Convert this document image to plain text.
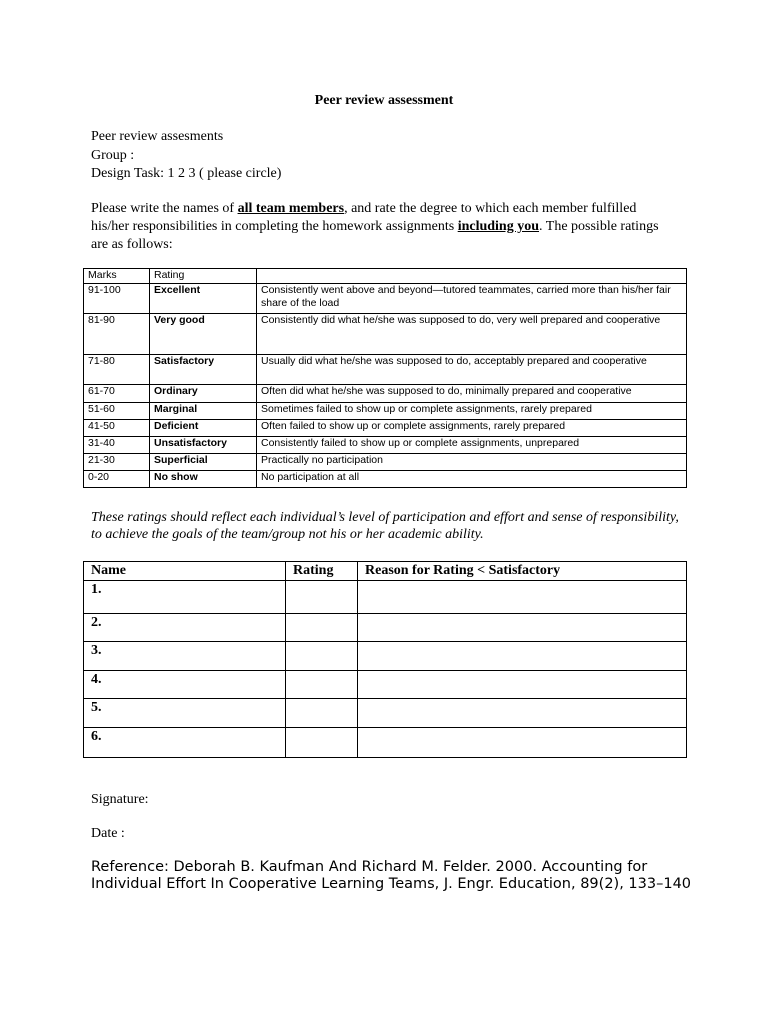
Peer review assessment
Peer review assesments
Group :
Design Task: 1 2 3 ( please circle)
Please write the names of all team members, and rate the degree to which each member fulfilled his/her responsibilities in completing the homework assignments including you. The possible ratings are as follows:
Marks	Rating	
91-100	Excellent	Consistently went above and beyond—tutored teammates, carried more than his/her fair share of the load
81-90	Very good	Consistently did what he/she was supposed to do, very well prepared and cooperative
71-80	Satisfactory	Usually did what he/she was supposed to do, acceptably prepared and cooperative
61-70	Ordinary	Often did what he/she was supposed to do, minimally prepared and cooperative
51-60	Marginal	Sometimes failed to show up or complete assignments, rarely prepared
41-50	Deficient	Often failed to show up or complete assignments, rarely prepared
31-40	Unsatisfactory	Consistently failed to show up or complete assignments, unprepared
21-30	Superficial	Practically no participation
0-20	No show	No participation at all
These ratings should reflect each individual’s level of participation and effort and sense of responsibility, to achieve the goals of the team/group not his or her academic ability.
Name	Rating	Reason for Rating < Satisfactory
1.		
2.		
3.		
4.		
5.		
6.		
Signature:
Date :
Reference: Deborah B. Kaufman And Richard M. Felder. 2000. Accounting for Individual Effort In Cooperative Learning Teams, J. Engr. Education, 89(2), 133–140
